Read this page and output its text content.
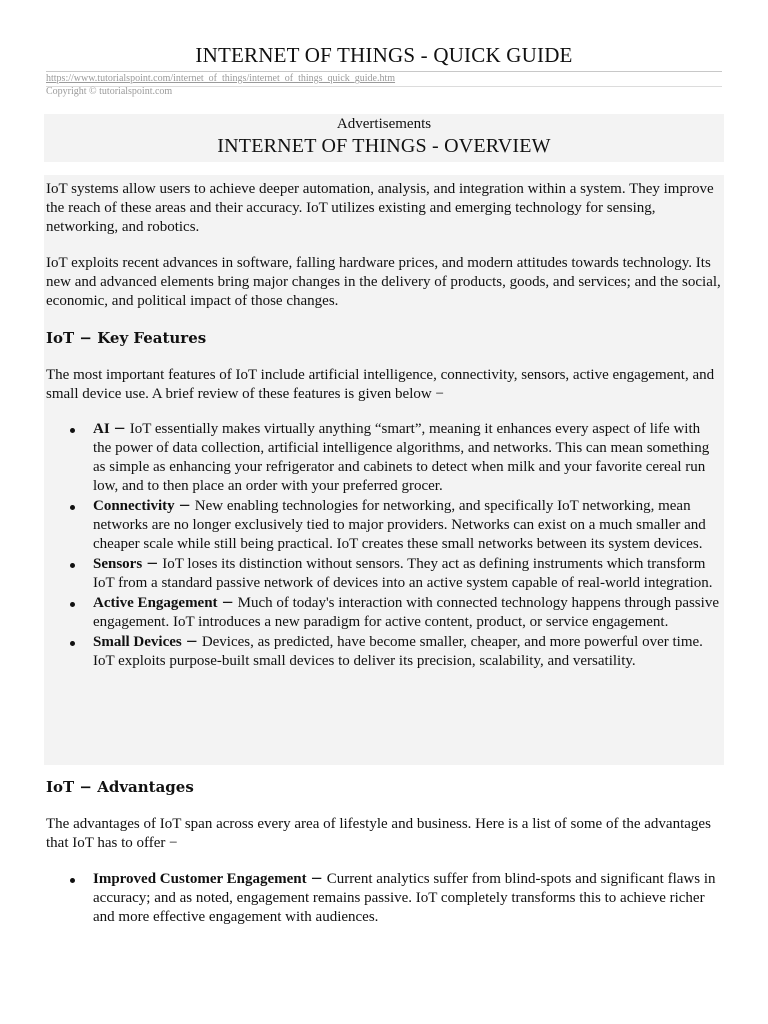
INTERNET OF THINGS - QUICK GUIDE
https://www.tutorialspoint.com/internet_of_things/internet_of_things_quick_guide.htm
Copyright © tutorialspoint.com
Advertisements
INTERNET OF THINGS - OVERVIEW

IoT systems allow users to achieve deeper automation, analysis, and integration within a system. They improve the reach of these areas and their accuracy. IoT utilizes existing and emerging technology for sensing, networking, and robotics.

IoT exploits recent advances in software, falling hardware prices, and modern attitudes towards technology. Its new and advanced elements bring major changes in the delivery of products, goods, and services; and the social, economic, and political impact of those changes.

IoT − Key Features

The most important features of IoT include artificial intelligence, connectivity, sensors, active engagement, and small device use. A brief review of these features is given below −

AI − IoT essentially makes virtually anything “smart”, meaning it enhances every aspect of life with the power of data collection, artificial intelligence algorithms, and networks. This can mean something as simple as enhancing your refrigerator and cabinets to detect when milk and your favorite cereal run low, and to then place an order with your preferred grocer.
Connectivity − New enabling technologies for networking, and specifically IoT networking, mean networks are no longer exclusively tied to major providers. Networks can exist on a much smaller and cheaper scale while still being practical. IoT creates these small networks between its system devices.
Sensors − IoT loses its distinction without sensors. They act as defining instruments which transform IoT from a standard passive network of devices into an active system capable of real-world integration.
Active Engagement − Much of today's interaction with connected technology happens through passive engagement. IoT introduces a new paradigm for active content, product, or service engagement.
Small Devices − Devices, as predicted, have become smaller, cheaper, and more powerful over time. IoT exploits purpose-built small devices to deliver its precision, scalability, and versatility.
IoT − Advantages

The advantages of IoT span across every area of lifestyle and business. Here is a list of some of the advantages that IoT has to offer −

Improved Customer Engagement − Current analytics suffer from blind-spots and significant flaws in accuracy; and as noted, engagement remains passive. IoT completely transforms this to achieve richer and more effective engagement with audiences.
